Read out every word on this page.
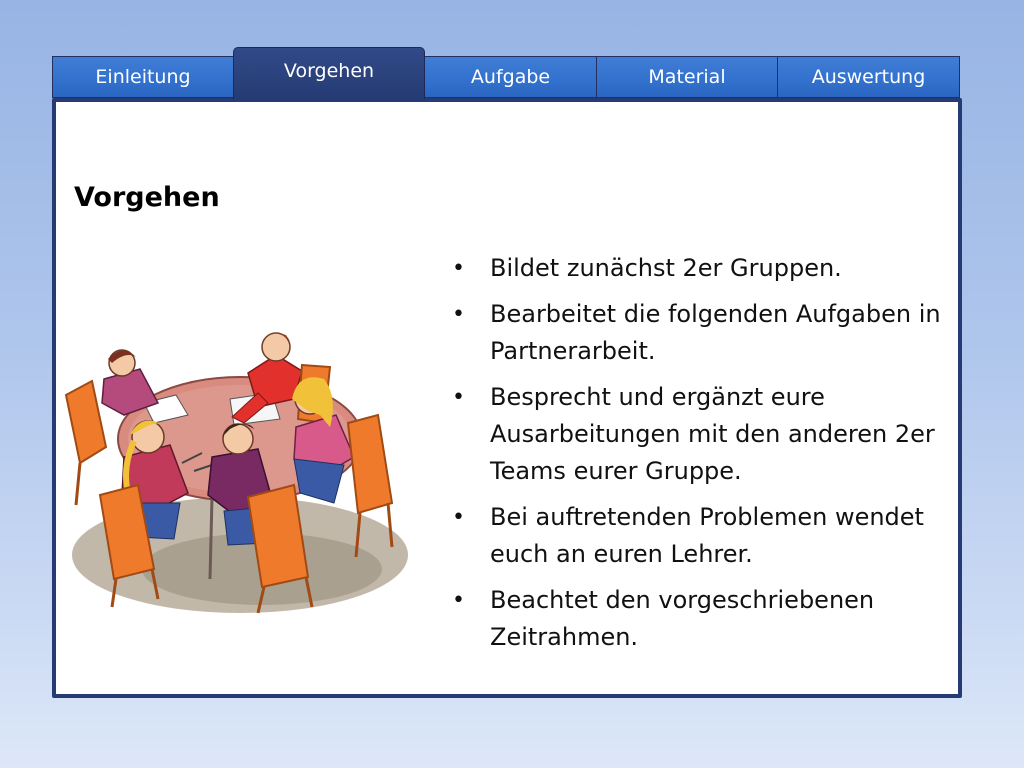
Einleitung	Vorgehen	Aufgabe	Material	Auswertung
Vorgehen
• Bildet zunächst 2er Gruppen.
• Bearbeitet die folgenden Aufgaben in Partnerarbeit.
• Besprecht und ergänzt eure Ausarbeitungen mit den anderen 2er Teams eurer Gruppe.
• Bei auftretenden Problemen wendet euch an euren Lehrer.
• Beachtet den vorgeschriebenen Zeitrahmen.
